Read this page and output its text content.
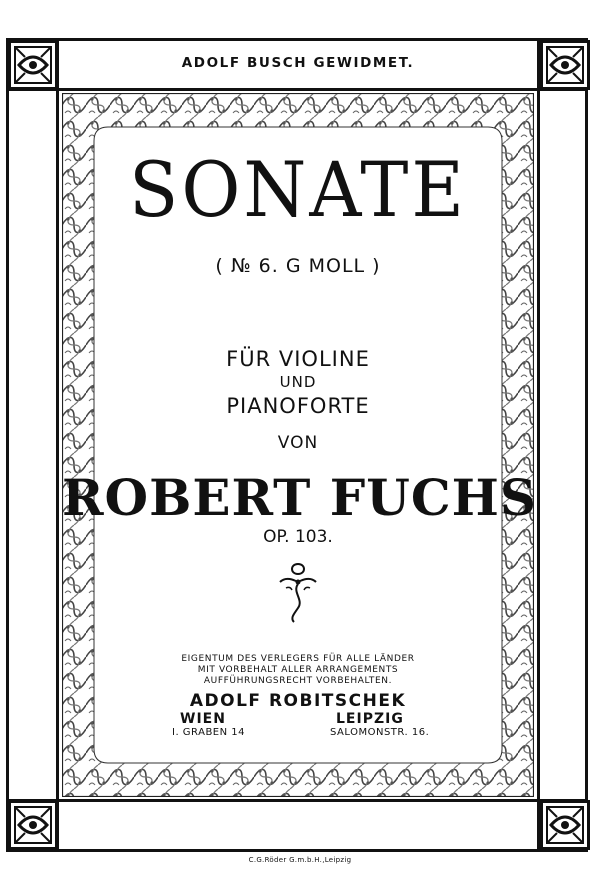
ADOLF BUSCH GEWIDMET.
SONATE
( № 6. G MOLL )
FÜR VIOLINE
UND
PIANOFORTE
VON
ROBERT FUCHS
OP. 103.
EIGENTUM DES VERLEGERS FÜR ALLE LÄNDER
MIT VORBEHALT ALLER ARRANGEMENTS
AUFFÜHRUNGSRECHT VORBEHALTEN.
ADOLF ROBITSCHEK
WIEN	LEIPZIG
I. GRABEN 14	SALOMONSTR. 16.
C.G.Röder G.m.b.H.,Leipzig
